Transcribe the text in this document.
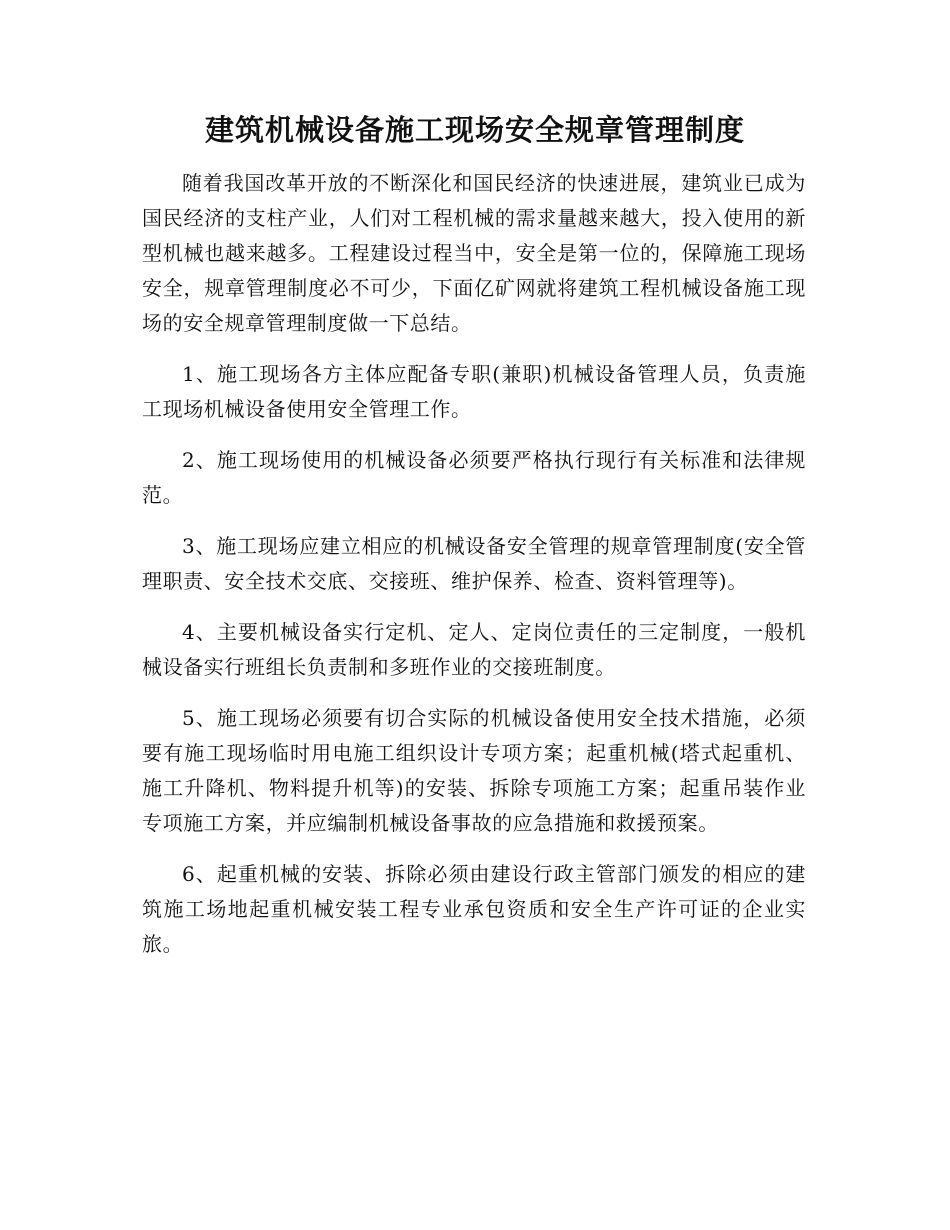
建筑机械设备施工现场安全规章管理制度

随着我国改革开放的不断深化和国民经济的快速进展，建筑业已成为国民经济的支柱产业，人们对工程机械的需求量越来越大，投入使用的新型机械也越来越多。工程建设过程当中，安全是第一位的，保障施工现场安全，规章管理制度必不可少，下面亿矿网就将建筑工程机械设备施工现场的安全规章管理制度做一下总结。

1、施工现场各方主体应配备专职(兼职)机械设备管理人员，负责施工现场机械设备使用安全管理工作。

2、施工现场使用的机械设备必须要严格执行现行有关标准和法律规范。

3、施工现场应建立相应的机械设备安全管理的规章管理制度(安全管理职责、安全技术交底、交接班、维护保养、检查、资料管理等)。

4、主要机械设备实行定机、定人、定岗位责任的三定制度，一般机械设备实行班组长负责制和多班作业的交接班制度。

5、施工现场必须要有切合实际的机械设备使用安全技术措施，必须要有施工现场临时用电施工组织设计专项方案；起重机械(塔式起重机、施工升降机、物料提升机等)的安装、拆除专项施工方案；起重吊装作业专项施工方案，并应编制机械设备事故的应急措施和救援预案。

6、起重机械的安装、拆除必须由建设行政主管部门颁发的相应的建筑施工场地起重机械安装工程专业承包资质和安全生产许可证的企业实旅。
